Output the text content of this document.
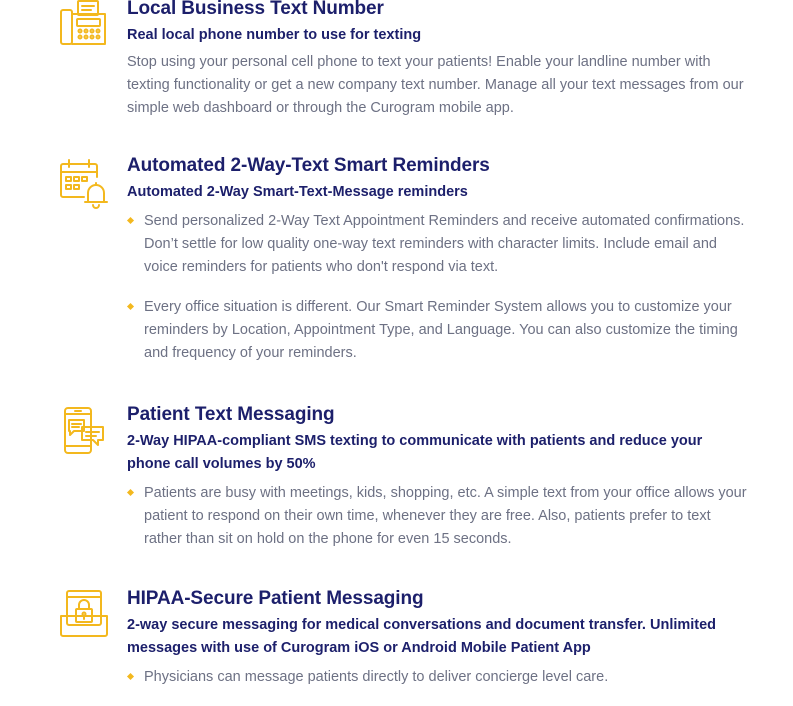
Local Business Text Number

Real local phone number to use for texting

Stop using your personal cell phone to text your patients! Enable your landline number with texting functionality or get a new company text number. Manage all your text messages from our simple web dashboard or through the Curogram mobile app.

Automated 2-Way-Text Smart Reminders

Automated 2-Way Smart-Text-Message reminders

Send personalized 2-Way Text Appointment Reminders and receive automated confirmations. Don’t settle for low quality one-way text reminders with character limits. Include email and voice reminders for patients who don't respond via text.
Every office situation is different. Our Smart Reminder System allows you to customize your reminders by Location, Appointment Type, and Language. You can also customize the timing and frequency of your reminders.
Patient Text Messaging

2-Way HIPAA-compliant SMS texting to communicate with patients and reduce your phone call volumes by 50%

Patients are busy with meetings, kids, shopping, etc. A simple text from your office allows your patient to respond on their own time, whenever they are free. Also, patients prefer to text rather than sit on hold on the phone for even 15 seconds.
HIPAA-Secure Patient Messaging

2-way secure messaging for medical conversations and document transfer. Unlimited messages with use of Curogram iOS or Android Mobile Patient App

Physicians can message patients directly to deliver concierge level care.
